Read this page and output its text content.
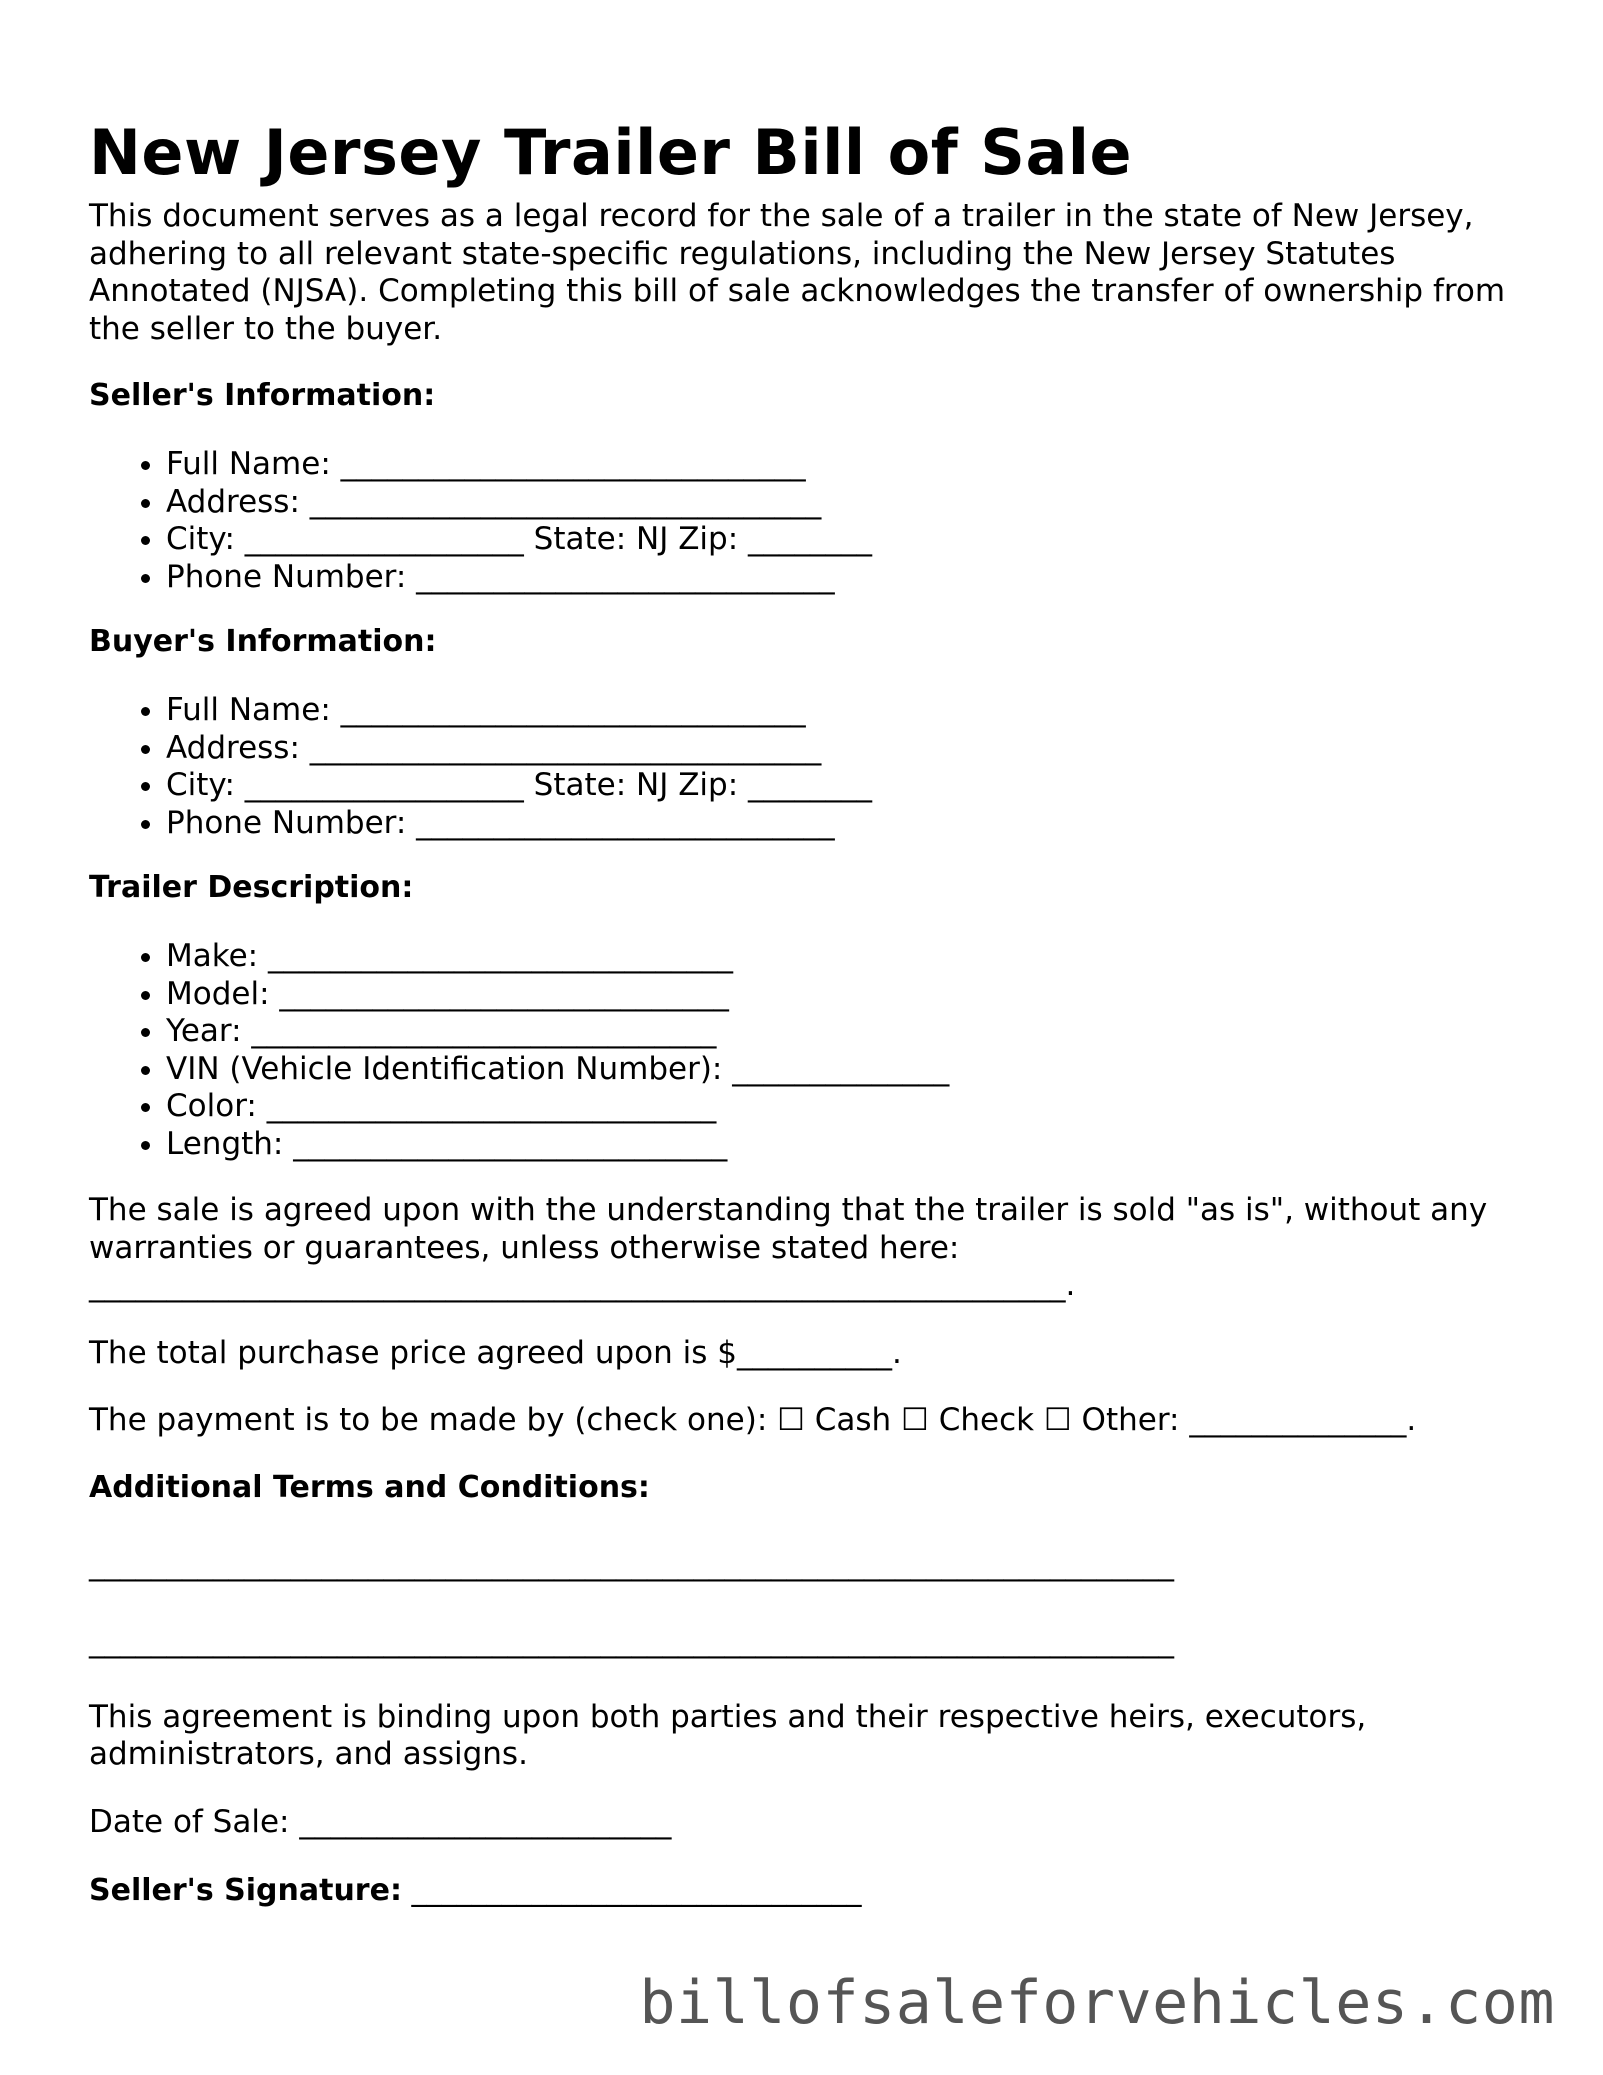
New Jersey Trailer Bill of Sale

This document serves as a legal record for the sale of a trailer in the state of New Jersey, adhering to all relevant state-specific regulations, including the New Jersey Statutes Annotated (NJSA). Completing this bill of sale acknowledges the transfer of ownership from the seller to the buyer.

Seller's Information:
• Full Name: ______________________________
• Address: _________________________________
• City: __________________ State: NJ Zip: ________
• Phone Number: ___________________________
Buyer's Information:
• Full Name: ______________________________
• Address: _________________________________
• City: __________________ State: NJ Zip: ________
• Phone Number: ___________________________
Trailer Description:
• Make: ______________________________
• Model: _____________________________
• Year: ______________________________
• VIN (Vehicle Identification Number): ______________
• Color: _____________________________
• Length: ____________________________

The sale is agreed upon with the understanding that the trailer is sold "as is", without any warranties or guarantees, unless otherwise stated here: _______________________________________________________________.

The total purchase price agreed upon is $__________.

The payment is to be made by (check one): ☐ Cash ☐ Check ☐ Other: ______________.

Additional Terms and Conditions:

______________________________________________________________________

______________________________________________________________________

This agreement is binding upon both parties and their respective heirs, executors, administrators, and assigns.

Date of Sale: ________________________

Seller's Signature: ______________________________

billofsaleforvehicles.com
